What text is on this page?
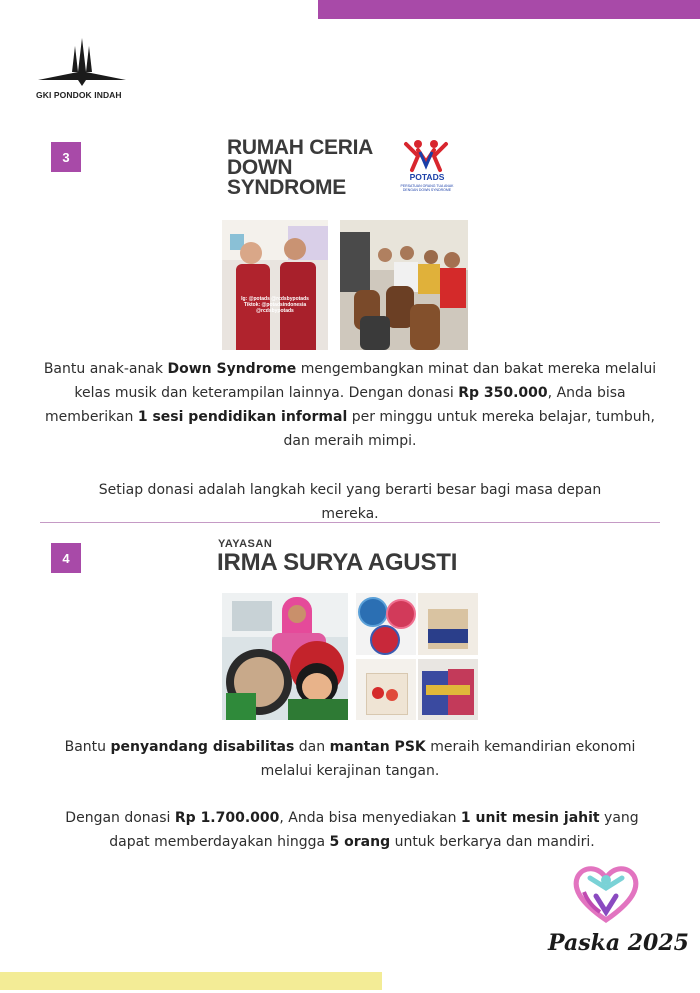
GKI PONDOK INDAH
3	RUMAH CERIA
DOWN
SYNDROME	POTADS
PERSATUAN ORANG TUA ANAK DENGAN DOWN SYNDROME
Ig: @potads @rcdsbypotads
Tiktok: @potadsindonesia
@rcdsbypotads
Bantu anak-anak Down Syndrome mengembangkan minat dan bakat mereka melalui kelas musik dan keterampilan lainnya. Dengan donasi Rp 350.000, Anda bisa memberikan 1 sesi pendidikan informal per minggu untuk mereka belajar, tumbuh, dan meraih mimpi.
Setiap donasi adalah langkah kecil yang berarti besar bagi masa depan mereka.
4
YAYASAN
IRMA SURYA AGUSTI
Bantu penyandang disabilitas dan mantan PSK meraih kemandirian ekonomi melalui kerajinan tangan.
Dengan donasi Rp 1.700.000, Anda bisa menyediakan 1 unit mesin jahit yang dapat memberdayakan hingga 5 orang untuk berkarya dan mandiri.
Paska 2025
